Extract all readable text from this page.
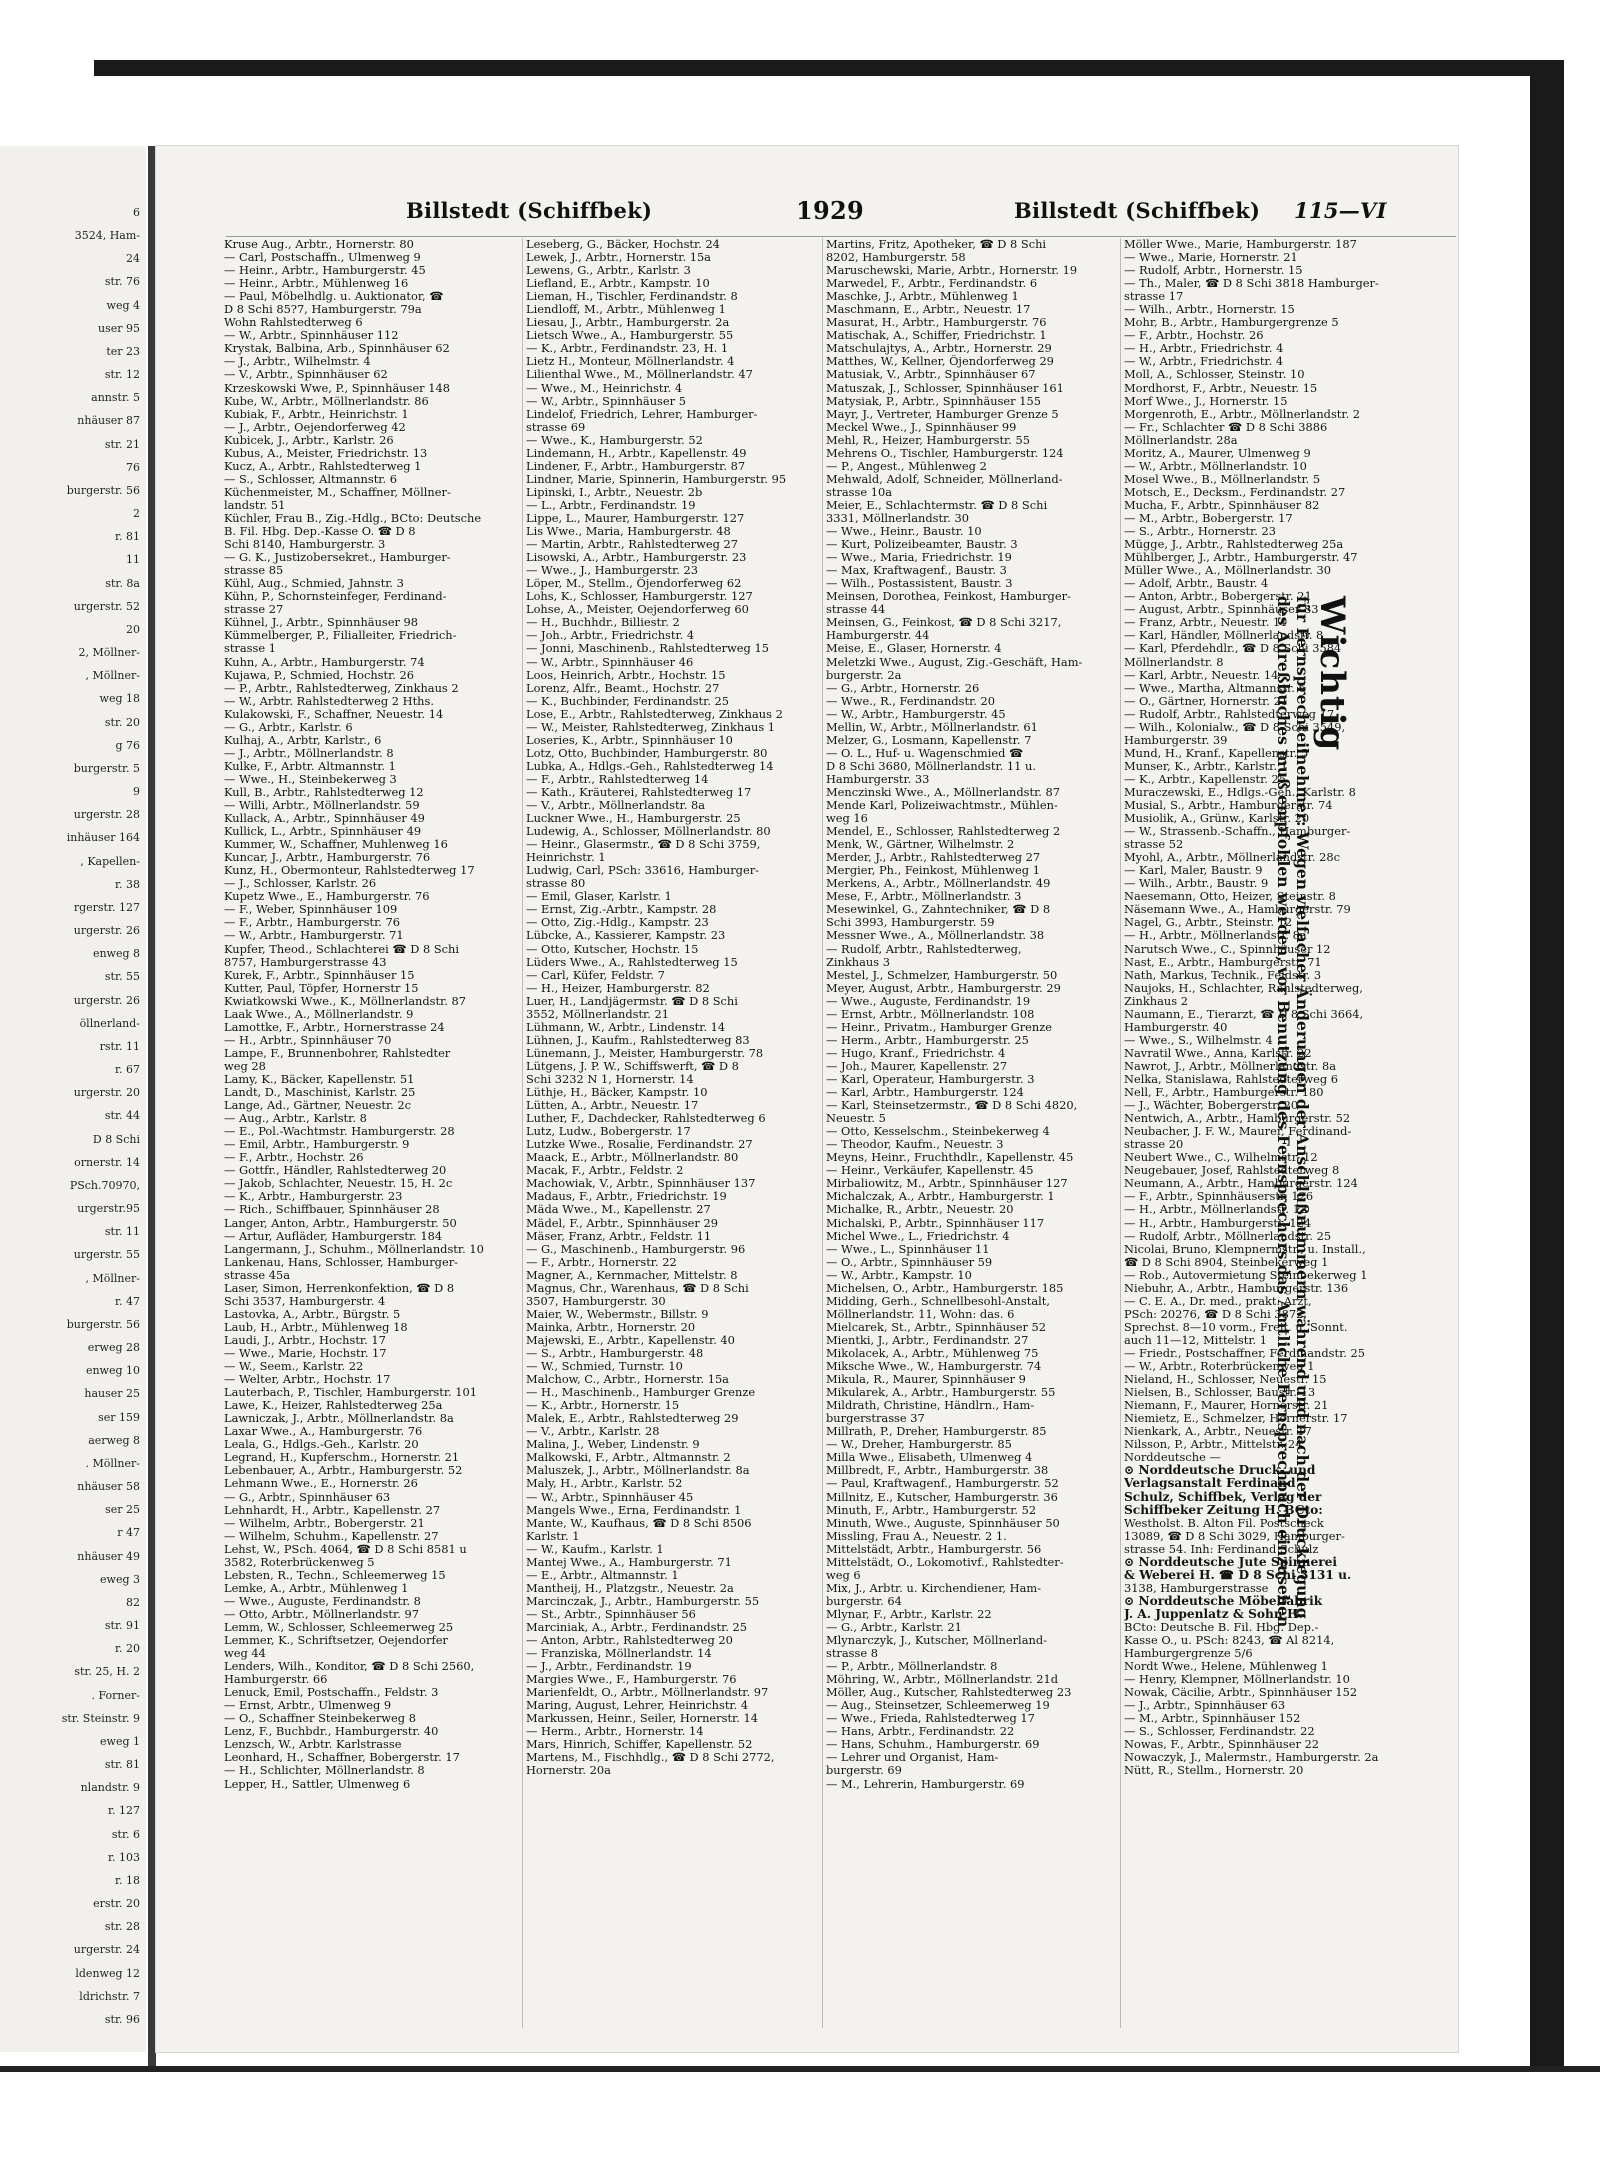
6
3524, Ham-
24
str. 76
weg 4
user 95
ter 23
str. 12
annstr. 5
nhäuser 87
str. 21
76
burgerstr. 56
2
r. 81
11
str. 8a
urgerstr. 52
20
2, Möllner-
, Möllner-
weg 18
str. 20
g 76
burgerstr. 5
9
urgerstr. 28
inhäuser 164
, Kapellen-
r. 38
rgerstr. 127
urgerstr. 26
enweg 8
str. 55
urgerstr. 26
öllnerland-
rstr. 11
r. 67
urgerstr. 20
str. 44
D 8 Schi
ornerstr. 14
PSch.70970,
urgerstr.95
str. 11
urgerstr. 55
, Möllner-
r. 47
burgerstr. 56
erweg 28
enweg 10
hauser 25
ser 159
aerweg 8
. Möllner-
nhäuser 58
ser 25
r 47
nhäuser 49
eweg 3
82
str. 91
r. 20
str. 25, H. 2
. Forner-
str. Steinstr. 9
eweg 1
str. 81
nlandstr. 9
r. 127
str. 6
r. 103
r. 18
erstr. 20
str. 28
urgerstr. 24
ldenweg 12
ldrichstr. 7
str. 96
Billstedt (Schiffbek)	1929	Billstedt (Schiffbek) 115—VI
Kruse Aug., Arbtr., Hornerstr. 80
— Carl, Postschaffn., Ulmenweg 9
— Heinr., Arbtr., Hamburgerstr. 45
— Heinr., Arbtr., Mühlenweg 16
— Paul, Möbelhdlg. u. Auktionator, ☎
D 8 Schi 85?7, Hamburgerstr. 79a
Wohn Rahlstedterweg 6
— W., Arbtr., Spinnhäuser 112
Krystak, Balbina, Arb., Spinnhäuser 62
— J., Arbtr., Wilhelmstr. 4
— V., Arbtr., Spinnhäuser 62
Krzeskowski Wwe, P., Spinnhäuser 148
Kube, W., Arbtr., Möllnerlandstr. 86
Kubiak, F., Arbtr., Heinrichstr. 1
— J., Arbtr., Oejendorferweg 42
Kubicek, J., Arbtr., Karlstr. 26
Kubus, A., Meister, Friedrichstr. 13
Kucz, A., Arbtr., Rahlstedterweg 1
— S., Schlosser, Altmannstr. 6
Küchenmeister, M., Schaffner, Möllner-
landstr. 51
Küchler, Frau B., Zig.-Hdlg., BCto: Deutsche
B. Fil. Hbg. Dep.-Kasse O. ☎ D 8
Schi 8140, Hamburgerstr. 3
— G. K., Justizobersekret., Hamburger-
strasse 85
Kühl, Aug., Schmied, Jahnstr. 3
Kühn, P., Schornsteinfeger, Ferdinand-
strasse 27
Kühnel, J., Arbtr., Spinnhäuser 98
Kümmelberger, P., Filialleiter, Friedrich-
strasse 1
Kuhn, A., Arbtr., Hamburgerstr. 74
Kujawa, P., Schmied, Hochstr. 26
— P., Arbtr., Rahlstedterweg, Zinkhaus 2
— W., Arbtr. Rahlstedterweg 2 Hths.
Kulakowski, F., Schaffner, Neuestr. 14
— G., Arbtr., Karlstr. 6
Kulhaj, A., Arbtr, Karlstr., 6
— J., Arbtr., Möllnerlandstr. 8
Kulke, F., Arbtr. Altmannstr. 1
— Wwe., H., Steinbekerweg 3
Kull, B., Arbtr., Rahlstedterweg 12
— Willi, Arbtr., Möllnerlandstr. 59
Kullack, A., Arbtr., Spinnhäuser 49
Kullick, L., Arbtr., Spinnhäuser 49
Kummer, W., Schaffner, Muhlenweg 16
Kuncar, J., Arbtr., Hamburgerstr. 76
Kunz, H., Obermonteur, Rahlstedterweg 17
— J., Schlosser, Karlstr. 26
Kupetz Wwe., E., Hamburgerstr. 76
— F., Weber, Spinnhäuser 109
— F., Arbtr., Hamburgerstr. 76
— W., Arbtr., Hamburgerstr. 71
Kupfer, Theod., Schlachterei ☎ D 8 Schi
8757, Hamburgerstrasse 43
Kurek, F., Arbtr., Spinnhäuser 15
Kutter, Paul, Töpfer, Hornerstr 15
Kwiatkowski Wwe., K., Möllnerlandstr. 87
Laak Wwe., A., Möllnerlandstr. 9
Lamottke, F., Arbtr., Hornerstrasse 24
— H., Arbtr., Spinnhäuser 70
Lampe, F., Brunnenbohrer, Rahlstedter
weg 28
Lamy, K., Bäcker, Kapellenstr. 51
Landt, D., Maschinist, Karlstr. 25
Lange, Ad., Gärtner, Neuestr. 2c
— Aug., Arbtr., Karlstr. 8
— E., Pol.-Wachtmstr. Hamburgerstr. 28
— Emil, Arbtr., Hamburgerstr. 9
— F., Arbtr., Hochstr. 26
— Gottfr., Händler, Rahlstedterweg 20
— Jakob, Schlachter, Neuestr. 15, H. 2c
— K., Arbtr., Hamburgerstr. 23
— Rich., Schiffbauer, Spinnhäuser 28
Langer, Anton, Arbtr., Hamburgerstr. 50
— Artur, Aufläder, Hamburgerstr. 184
Langermann, J., Schuhm., Möllnerlandstr. 10
Lankenau, Hans, Schlosser, Hamburger-
strasse 45a
Laser, Simon, Herrenkonfektion, ☎ D 8
Schi 3537, Hamburgerstr. 4
Lastovka, A., Arbtr., Bürgstr. 5
Laub, H., Arbtr., Mühlenweg 18
Laudi, J., Arbtr., Hochstr. 17
— Wwe., Marie, Hochstr. 17
— W., Seem., Karlstr. 22
— Welter, Arbtr., Hochstr. 17
Lauterbach, P., Tischler, Hamburgerstr. 101
Lawe, K., Heizer, Rahlstedterweg 25a
Lawniczak, J., Arbtr., Möllnerlandstr. 8a
Laxar Wwe., A., Hamburgerstr. 76
Leala, G., Hdlgs.-Geh., Karlstr. 20
Legrand, H., Kupferschm., Hornerstr. 21
Lebenbauer, A., Arbtr., Hamburgerstr. 52
Lehmann Wwe., E., Hornerstr. 26
— G., Arbtr., Spinnhäuser 63
Lehnhardt, H., Arbtr., Kapellenstr. 27
— Wilhelm, Arbtr., Bobergerstr. 21
— Wilhelm, Schuhm., Kapellenstr. 27
Lehst, W., PSch. 4064, ☎ D 8 Schi 8581 u
3582, Roterbrückenweg 5
Lebsten, R., Techn., Schleemerweg 15
Lemke, A., Arbtr., Mühlenweg 1
— Wwe., Auguste, Ferdinandstr. 8
— Otto, Arbtr., Möllnerlandstr. 97
Lemm, W., Schlosser, Schleemerweg 25
Lemmer, K., Schriftsetzer, Oejendorfer
weg 44
Lenders, Wilh., Konditor, ☎ D 8 Schi 2560,
Hamburgerstr. 66
Lenuck, Emil, Postschaffn., Feldstr. 3
— Ernst, Arbtr., Ulmenweg 9
— O., Schaffner Steinbekerweg 8
Lenz, F., Buchbdr., Hamburgerstr. 40
Lenzsch, W., Arbtr. Karlstrasse
Leonhard, H., Schaffner, Bobergerstr. 17
— H., Schlichter, Möllnerlandstr. 8
Lepper, H., Sattler, Ulmenweg 6
Leseberg, G., Bäcker, Hochstr. 24
Lewek, J., Arbtr., Hornerstr. 15a
Lewens, G., Arbtr., Karlstr. 3
Liefland, E., Arbtr., Kampstr. 10
Lieman, H., Tischler, Ferdinandstr. 8
Liendloff, M., Arbtr., Mühlenweg 1
Liesau, J., Arbtr., Hamburgerstr. 2a
Lietsch Wwe., A., Hamburgerstr. 55
— K., Arbtr., Ferdinandstr. 23, H. 1
Lietz H., Monteur, Möllnerlandstr. 4
Lilienthal Wwe., M., Möllnerlandstr. 47
— Wwe., M., Heinrichstr. 4
— W., Arbtr., Spinnhäuser 5
Lindelof, Friedrich, Lehrer, Hamburger-
strasse 69
— Wwe., K., Hamburgerstr. 52
Lindemann, H., Arbtr., Kapellenstr. 49
Lindener, F., Arbtr., Hamburgerstr. 87
Lindner, Marie, Spinnerin, Hamburgerstr. 95
Lipinski, I., Arbtr., Neuestr. 2b
— L., Arbtr., Ferdinandstr. 19
Lippe, L., Maurer, Hamburgerstr. 127
Lis Wwe., Maria, Hamburgerstr. 48
— Martin, Arbtr., Rahlstedterweg 27
Lisowski, A., Arbtr., Hamburgerstr. 23
— Wwe., J., Hamburgerstr. 23
Löper, M., Stellm., Öjendorferweg 62
Lohs, K., Schlosser, Hamburgerstr. 127
Lohse, A., Meister, Oejendorferweg 60
— H., Buchhdr., Billiestr. 2
— Joh., Arbtr., Friedrichstr. 4
— Jonni, Maschinenb., Rahlstedterweg 15
— W., Arbtr., Spinnhäuser 46
Loos, Heinrich, Arbtr., Hochstr. 15
Lorenz, Alfr., Beamt., Hochstr. 27
— K., Buchbinder, Ferdinandstr. 25
Lose, E., Arbtr., Rahlstedterweg, Zinkhaus 2
— W., Meister, Rahlstedterweg, Zinkhaus 1
Loseries, K., Arbtr., Spinnhäuser 10
Lotz, Otto, Buchbinder, Hamburgerstr. 80
Lubka, A., Hdlgs.-Geh., Rahlstedterweg 14
— F., Arbtr., Rahlstedterweg 14
— Kath., Kräuterei, Rahlstedterweg 17
— V., Arbtr., Möllnerlandstr. 8a
Luckner Wwe., H., Hamburgerstr. 25
Ludewig, A., Schlosser, Möllnerlandstr. 80
— Heinr., Glasermstr., ☎ D 8 Schi 3759,
Heinrichstr. 1
Ludwig, Carl, PSch: 33616, Hamburger-
strasse 80
— Emil, Glaser, Karlstr. 1
— Ernst, Zig.-Arbtr., Kampstr. 28
— Otto, Zig.-Hdlg., Kampstr. 23
Lübcke, A., Kassierer, Kampstr. 23
— Otto, Kutscher, Hochstr. 15
Lüders Wwe., A., Rahlstedterweg 15
— Carl, Küfer, Feldstr. 7
— H., Heizer, Hamburgerstr. 82
Luer, H., Landjägermstr. ☎ D 8 Schi
3552, Möllnerlandstr. 21
Lühmann, W., Arbtr., Lindenstr. 14
Lühnen, J., Kaufm., Rahlstedterweg 83
Lünemann, J., Meister, Hamburgerstr. 78
Lütgens, J. P. W., Schiffswerft, ☎ D 8
Schi 3232 N 1, Hornerstr. 14
Lüthje, H., Bäcker, Kampstr. 10
Lütten, A., Arbtr., Neuestr. 17
Luther, F., Dachdecker, Rahlstedterweg 6
Lutz, Ludw., Bobergerstr. 17
Lutzke Wwe., Rosalie, Ferdinandstr. 27
Maack, E., Arbtr., Möllnerlandstr. 80
Macak, F., Arbtr., Feldstr. 2
Machowiak, V., Arbtr., Spinnhäuser 137
Madaus, F., Arbtr., Friedrichstr. 19
Mäda Wwe., M., Kapellenstr. 27
Mädel, F., Arbtr., Spinnhäuser 29
Mäser, Franz, Arbtr., Feldstr. 11
— G., Maschinenb., Hamburgerstr. 96
— F., Arbtr., Hornerstr. 22
Magner, A., Kernmacher, Mittelstr. 8
Magnus, Chr., Warenhaus, ☎ D 8 Schi
3507, Hamburgerstr. 30
Maier, W., Webermstr., Billstr. 9
Mainka, Arbtr., Hornerstr. 20
Majewski, E., Arbtr., Kapellenstr. 40
— S., Arbtr., Hamburgerstr. 48
— W., Schmied, Turnstr. 10
Malchow, C., Arbtr., Hornerstr. 15a
— H., Maschinenb., Hamburger Grenze
— K., Arbtr., Hornerstr. 15
Malek, E., Arbtr., Rahlstedterweg 29
— V., Arbtr., Karlstr. 28
Malina, J., Weber, Lindenstr. 9
Malkowski, F., Arbtr., Altmannstr. 2
Maluszek, J., Arbtr., Möllnerlandstr. 8a
Maly, H., Arbtr., Karlstr. 52
— W., Arbtr., Spinnhäuser 45
Mangels Wwe., Erna, Ferdinandstr. 1
Mante, W., Kaufhaus, ☎ D 8 Schi 8506
Karlstr. 1
— W., Kaufm., Karlstr. 1
Mantej Wwe., A., Hamburgerstr. 71
— E., Arbtr., Altmannstr. 1
Mantheij, H., Platzgstr., Neuestr. 2a
Marcinczak, J., Arbtr., Hamburgerstr. 55
— St., Arbtr., Spinnhäuser 56
Marciniak, A., Arbtr., Ferdinandstr. 25
— Anton, Arbtr., Rahlstedterweg 20
— Franziska, Möllnerlandstr. 14
— J., Arbtr., Ferdinandstr. 19
Margies Wwe., F., Hamburgerstr. 76
Marienfeldt, O., Arbtr., Möllnerlandstr. 97
Maring, August, Lehrer, Heinrichstr. 4
Markussen, Heinr., Seiler, Hornerstr. 14
— Herm., Arbtr., Hornerstr. 14
Mars, Hinrich, Schiffer, Kapellenstr. 52
Martens, M., Fischhdlg., ☎ D 8 Schi 2772,
Hornerstr. 20a
Martins, Fritz, Apotheker, ☎ D 8 Schi
8202, Hamburgerstr. 58
Maruschewski, Marie, Arbtr., Hornerstr. 19
Marwedel, F., Arbtr., Ferdinandstr. 6
Maschke, J., Arbtr., Mühlenweg 1
Maschmann, E., Arbtr., Neuestr. 17
Masurat, H., Arbtr., Hamburgerstr. 76
Matischak, A., Schiffer, Friedrichstr. 1
Matschulajtys, A., Arbtr., Hornerstr. 29
Matthes, W., Kellner, Öjendorferweg 29
Matusiak, V., Arbtr., Spinnhäuser 67
Matuszak, J., Schlosser, Spinnhäuser 161
Matysiak, P., Arbtr., Spinnhäuser 155
Mayr, J., Vertreter, Hamburger Grenze 5
Meckel Wwe., J., Spinnhäuser 99
Mehl, R., Heizer, Hamburgerstr. 55
Mehrens O., Tischler, Hamburgerstr. 124
— P., Angest., Mühlenweg 2
Mehwald, Adolf, Schneider, Möllnerland-
strasse 10a
Meier, E., Schlachtermstr. ☎ D 8 Schi
3331, Möllnerlandstr. 30
— Wwe., Heinr., Baustr. 10
— Kurt, Polizeibeamter, Baustr. 3
— Wwe., Maria, Friedrichstr. 19
— Max, Kraftwagenf., Baustr. 3
— Wilh., Postassistent, Baustr. 3
Meinsen, Dorothea, Feinkost, Hamburger-
strasse 44
Meinsen, G., Feinkost, ☎ D 8 Schi 3217,
Hamburgerstr. 44
Meise, E., Glaser, Hornerstr. 4
Meletzki Wwe., August, Zig.-Geschäft, Ham-
burgerstr. 2a
— G., Arbtr., Hornerstr. 26
— Wwe., R., Ferdinandstr. 20
— W., Arbtr., Hamburgerstr. 45
Mellin, W., Arbtr., Möllnerlandstr. 61
Melzer, G., Losmann, Kapellenstr. 7
— O. L., Huf- u. Wagenschmied ☎
D 8 Schi 3680, Möllnerlandstr. 11 u.
Hamburgerstr. 33
Menczinski Wwe., A., Möllnerlandstr. 87
Mende Karl, Polizeiwachtmstr., Mühlen-
weg 16
Mendel, E., Schlosser, Rahlstedterweg 2
Menk, W., Gärtner, Wilhelmstr. 2
Merder, J., Arbtr., Rahlstedterweg 27
Mergier, Ph., Feinkost, Mühlenweg 1
Merkens, A., Arbtr., Möllnerlandstr. 49
Mese, F., Arbtr., Möllnerlandstr. 3
Mesewinkel, G., Zahntechniker, ☎ D 8
Schi 3993, Hamburgerstr. 59
Messner Wwe., A., Möllnerlandstr. 38
— Rudolf, Arbtr., Rahlstedterweg,
Zinkhaus 3
Mestel, J., Schmelzer, Hamburgerstr. 50
Meyer, August, Arbtr., Hamburgerstr. 29
— Wwe., Auguste, Ferdinandstr. 19
— Ernst, Arbtr., Möllnerlandstr. 108
— Heinr., Privatm., Hamburger Grenze
— Herm., Arbtr., Hamburgerstr. 25
— Hugo, Kranf., Friedrichstr. 4
— Joh., Maurer, Kapellenstr. 27
— Karl, Operateur, Hamburgerstr. 3
— Karl, Arbtr., Hamburgerstr. 124
— Karl, Steinsetzermstr., ☎ D 8 Schi 4820,
Neuestr. 5
— Otto, Kesselschm., Steinbekerweg 4
— Theodor, Kaufm., Neuestr. 3
Meyns, Heinr., Fruchthdlr., Kapellenstr. 45
— Heinr., Verkäufer, Kapellenstr. 45
Mirbaliowitz, M., Arbtr., Spinnhäuser 127
Michalczak, A., Arbtr., Hamburgerstr. 1
Michalke, R., Arbtr., Neuestr. 20
Michalski, P., Arbtr., Spinnhäuser 117
Michel Wwe., L., Friedrichstr. 4
— Wwe., L., Spinnhäuser 11
— O., Arbtr., Spinnhäuser 59
— W., Arbtr., Kampstr. 10
Michelsen, O., Arbtr., Hamburgerstr. 185
Midding, Gerh., Schnellbesohl-Anstalt,
Möllnerlandstr. 11, Wohn: das. 6
Mielcarek, St., Arbtr., Spinnhäuser 52
Mientki, J., Arbtr., Ferdinandstr. 27
Mikolacek, A., Arbtr., Mühlenweg 75
Miksche Wwe., W., Hamburgerstr. 74
Mikula, R., Maurer, Spinnhäuser 9
Mikularek, A., Arbtr., Hamburgerstr. 55
Mildrath, Christine, Händlrn., Ham-
burgerstrasse 37
Millrath, P., Dreher, Hamburgerstr. 85
— W., Dreher, Hamburgerstr. 85
Milla Wwe., Elisabeth, Ulmenweg 4
Millbredt, F., Arbtr., Hamburgerstr. 38
— Paul, Kraftwagenf., Hamburgerstr. 52
Millnitz, E., Kutscher, Hamburgerstr. 36
Minuth, F., Arbtr., Hamburgerstr. 52
Minuth, Wwe., Auguste, Spinnhäuser 50
Missling, Frau A., Neuestr. 2 1.
Mittelstädt, Arbtr., Hamburgerstr. 56
Mittelstädt, O., Lokomotivf., Rahlstedter-
weg 6
Mix, J., Arbtr. u. Kirchendiener, Ham-
burgerstr. 64
Mlynar, F., Arbtr., Karlstr. 22
— G., Arbtr., Karlstr. 21
Mlynarczyk, J., Kutscher, Möllnerland-
strasse 8
— P., Arbtr., Möllnerlandstr. 8
Möhring, W., Arbtr., Möllnerlandstr. 21d
Möller, Aug., Kutscher, Rahlstedterweg 23
— Aug., Steinsetzer, Schleemerweg 19
— Wwe., Frieda, Rahlstedterweg 17
— Hans, Arbtr., Ferdinandstr. 22
— Hans, Schuhm., Hamburgerstr. 69
— Lehrer und Organist, Ham-
burgerstr. 69
— M., Lehrerin, Hamburgerstr. 69
Möller Wwe., Marie, Hamburgerstr. 187
— Wwe., Marie, Hornerstr. 21
— Rudolf, Arbtr., Hornerstr. 15
— Th., Maler, ☎ D 8 Schi 3818 Hamburger-
strasse 17
— Wilh., Arbtr., Hornerstr. 15
Mohr, B., Arbtr., Hamburgergrenze 5
— F., Arbtr., Hochstr. 26
— H., Arbtr., Friedrichstr. 4
— W., Arbtr., Friedrichstr. 4
Moll, A., Schlosser, Steinstr. 10
Mordhorst, F., Arbtr., Neuestr. 15
Morf Wwe., J., Hornerstr. 15
Morgenroth, E., Arbtr., Möllnerlandstr. 2
— Fr., Schlachter ☎ D 8 Schi 3886
Möllnerlandstr. 28a
Moritz, A., Maurer, Ulmenweg 9
— W., Arbtr., Möllnerlandstr. 10
Mosel Wwe., B., Möllnerlandstr. 5
Motsch, E., Decksm., Ferdinandstr. 27
Mucha, F., Arbtr., Spinnhäuser 82
— M., Arbtr., Bobergerstr. 17
— S., Arbtr., Hornerstr. 23
Mügge, J., Arbtr., Rahlstedterweg 25a
Mühlberger, J., Arbtr., Hamburgerstr. 47
Müller Wwe., A., Möllnerlandstr. 30
— Adolf, Arbtr., Baustr. 4
— Anton, Arbtr., Bobergerstr. 21
— August, Arbtr., Spinnhäuser 83
— Franz, Arbtr., Neuestr. 11
— Karl, Händler, Möllnerlandstr. 8
— Karl, Pferdehdlr., ☎ D 8 Schi 3584
Möllnerlandstr. 8
— Karl, Arbtr., Neuestr. 14
— Wwe., Martha, Altmannstr. 6
— O., Gärtner, Hornerstr. 21
— Rudolf, Arbtr., Rahlstedterweg 17
— Wilh., Kolonialw., ☎ D 8 Schi 3549,
Hamburgerstr. 39
Mund, H., Kranf., Kapellenstr. 5
Munser, K., Arbtr., Karlstr. 1
— K., Arbtr., Kapellenstr. 25
Muraczewski, E., Hdlgs.-Geh., Karlstr. 8
Musial, S., Arbtr., Hamburgerstr. 74
Musiolik, A., Grünw., Karlstr. 20
— W., Strassenb.-Schaffn., Hamburger-
strasse 52
Myohl, A., Arbtr., Möllnerlandstr. 28c
— Karl, Maler, Baustr. 9
— Wilh., Arbtr., Baustr. 9
Naesemann, Otto, Heizer, Steinstr. 8
Näsemann Wwe., A., Hamburgerstr. 79
Nagel, G., Arbtr., Steinstr. 12
— H., Arbtr., Möllnerlandstr. 8a
Narutsch Wwe., C., Spinnhäuser 12
Nast, E., Arbtr., Hamburgerstr. 71
Nath, Markus, Technik., Feldstr. 3
Naujoks, H., Schlachter, Rahlstedterweg,
Zinkhaus 2
Naumann, E., Tierarzt, ☎ D 8 Schi 3664,
Hamburgerstr. 40
— Wwe., S., Wilhelmstr. 4
Navratil Wwe., Anna, Karlstr. 22
Nawrot, J., Arbtr., Möllnerlandstr. 8a
Nelka, Stanislawa, Rahlstedterweg 6
Nell, F., Arbtr., Hamburgerstr. 180
— J., Wächter, Bobergerstr. 20
Nentwich, A., Arbtr., Hamburgerstr. 52
Neubacher, J. F. W., Maurer, Ferdinand-
strasse 20
Neubert Wwe., C., Wilhelmstr. 12
Neugebauer, Josef, Rahlstedterweg 8
Neumann, A., Arbtr., Hamburgerstr. 124
— F., Arbtr., Spinnhäuserstr. 126
— H., Arbtr., Möllnerlandstr. 12
— H., Arbtr., Hamburgerstr. 124
— Rudolf, Arbtr., Möllnerlandstr. 25
Nicolai, Bruno, Klempnermstr., u. Install.,
☎ D 8 Schi 8904, Steinbekerweg 1
— Rob., Autovermietung Steinbekerweg 1
Niebuhr, A., Arbtr., Hamburgerstr. 136
— C. E. A., Dr. med., prakt. Arzt,
PSch: 20276, ☎ D 8 Schi 3872,
Sprechst. 8—10 vorm., Freit. u. Sonnt.
auch 11—12, Mittelstr. 1
— Friedr., Postschaffner, Ferdinandstr. 25
— W., Arbtr., Roterbrückenweg 1
Nieland, H., Schlosser, Neuestr. 15
Nielsen, B., Schlosser, Baustr. 13
Niemann, F., Maurer, Hornerstr. 21
Niemietz, E., Schmelzer, Hornerstr. 17
Nienkark, A., Arbtr., Neuestr. 17
Nilsson, P., Arbtr., Mittelstr. 24
Norddeutsche —
⊙ Norddeutsche Druck- und
Verlagsanstalt Ferdinand
Schulz, Schiffbek, Verlag der
Schiffbeker Zeitung H. BCto:
Westholst. B. Alton Fil. Postscheck
13089, ☎ D 8 Schi 3029, Hamburger-
strasse 54. Inh: Ferdinand Schulz
⊙ Norddeutsche Jute Spinnerei
& Weberei H. ☎ D 8 Schi 3131 u.
3138, Hamburgerstrasse
⊙ Norddeutsche Möbelfabrik
J. A. Juppenlatz & Sohn H.
BCto: Deutsche B. Fil. Hbg. Dep.-
Kasse O., u. PSch: 8243, ☎ Al 8214,
Hamburgergrenze 5/6
Nordt Wwe., Helene, Mühlenweg 1
— Henry, Klempner, Möllnerlandstr. 10
Nowak, Cäcilie, Arbtr., Spinnhäuser 152
— J., Arbtr., Spinnhäuser 63
— M., Arbtr., Spinnhäuser 152
— S., Schlosser, Ferdinandstr. 22
Nowas, F., Arbtr., Spinnhäuser 22
Nowaczyk, J., Malermstr., Hamburgerstr. 2a
Nütt, R., Stellm., Hornerstr. 20
Wichtig
für Fernsprechteilnehmer: Wegen vielfacher Änderungen der Anschlußnummern während und nach der Drucklegung
des Adreßbuches muß empfohlen werden, vor Benutzung des Fernsprechers das Amtliche Fernsprechbuch einzusehen
